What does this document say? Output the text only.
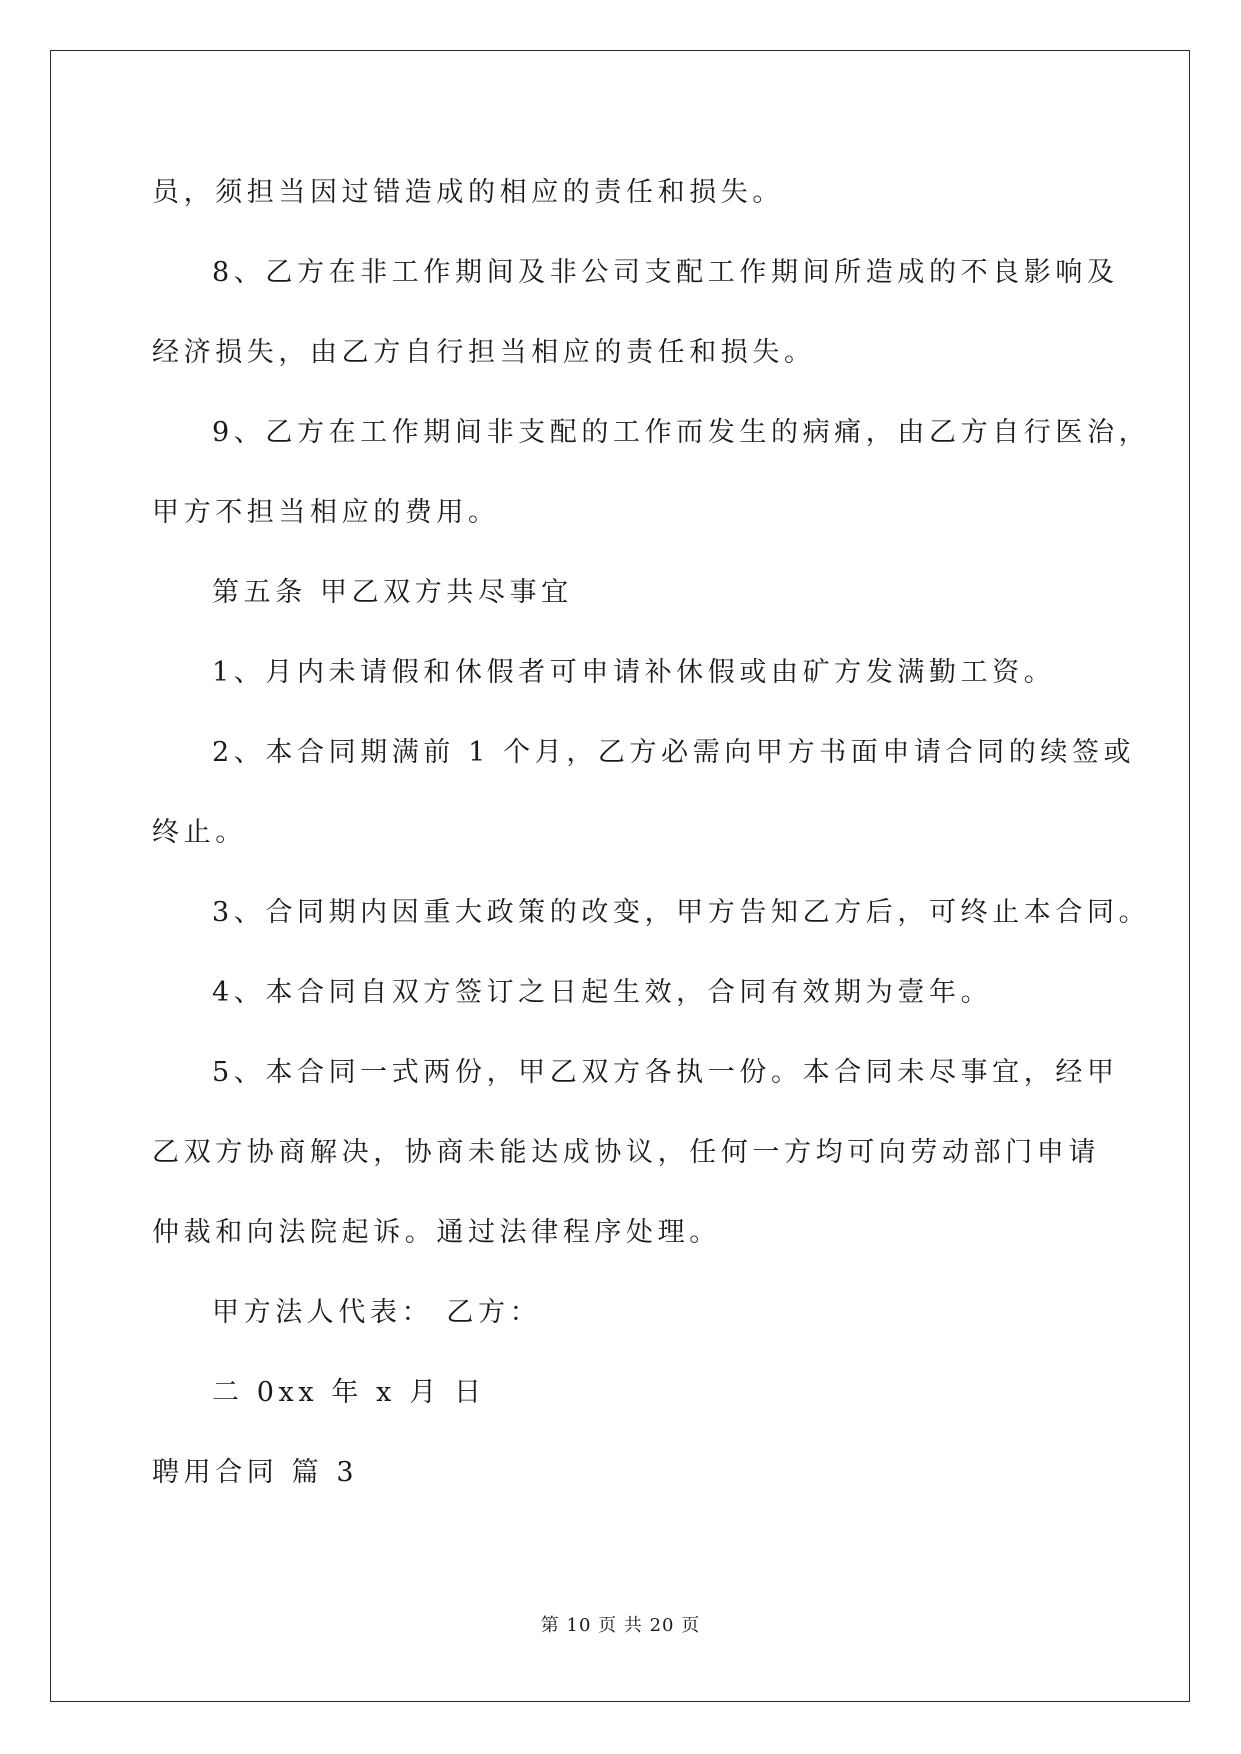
员，须担当因过错造成的相应的责任和损失。
8、乙方在非工作期间及非公司支配工作期间所造成的不良影响及
经济损失，由乙方自行担当相应的责任和损失。
9、乙方在工作期间非支配的工作而发生的病痛，由乙方自行医治，
甲方不担当相应的费用。
第五条 甲乙双方共尽事宜
1、月内未请假和休假者可申请补休假或由矿方发满勤工资。
2、本合同期满前 1 个月，乙方必需向甲方书面申请合同的续签或
终止。
3、合同期内因重大政策的改变，甲方告知乙方后，可终止本合同。
4、本合同自双方签订之日起生效，合同有效期为壹年。
5、本合同一式两份，甲乙双方各执一份。本合同未尽事宜，经甲
乙双方协商解决，协商未能达成协议，任何一方均可向劳动部门申请
仲裁和向法院起诉。通过法律程序处理。
甲方法人代表： 乙方：
二 0xx 年 x 月 日
聘用合同 篇 3
第 10 页 共 20 页
